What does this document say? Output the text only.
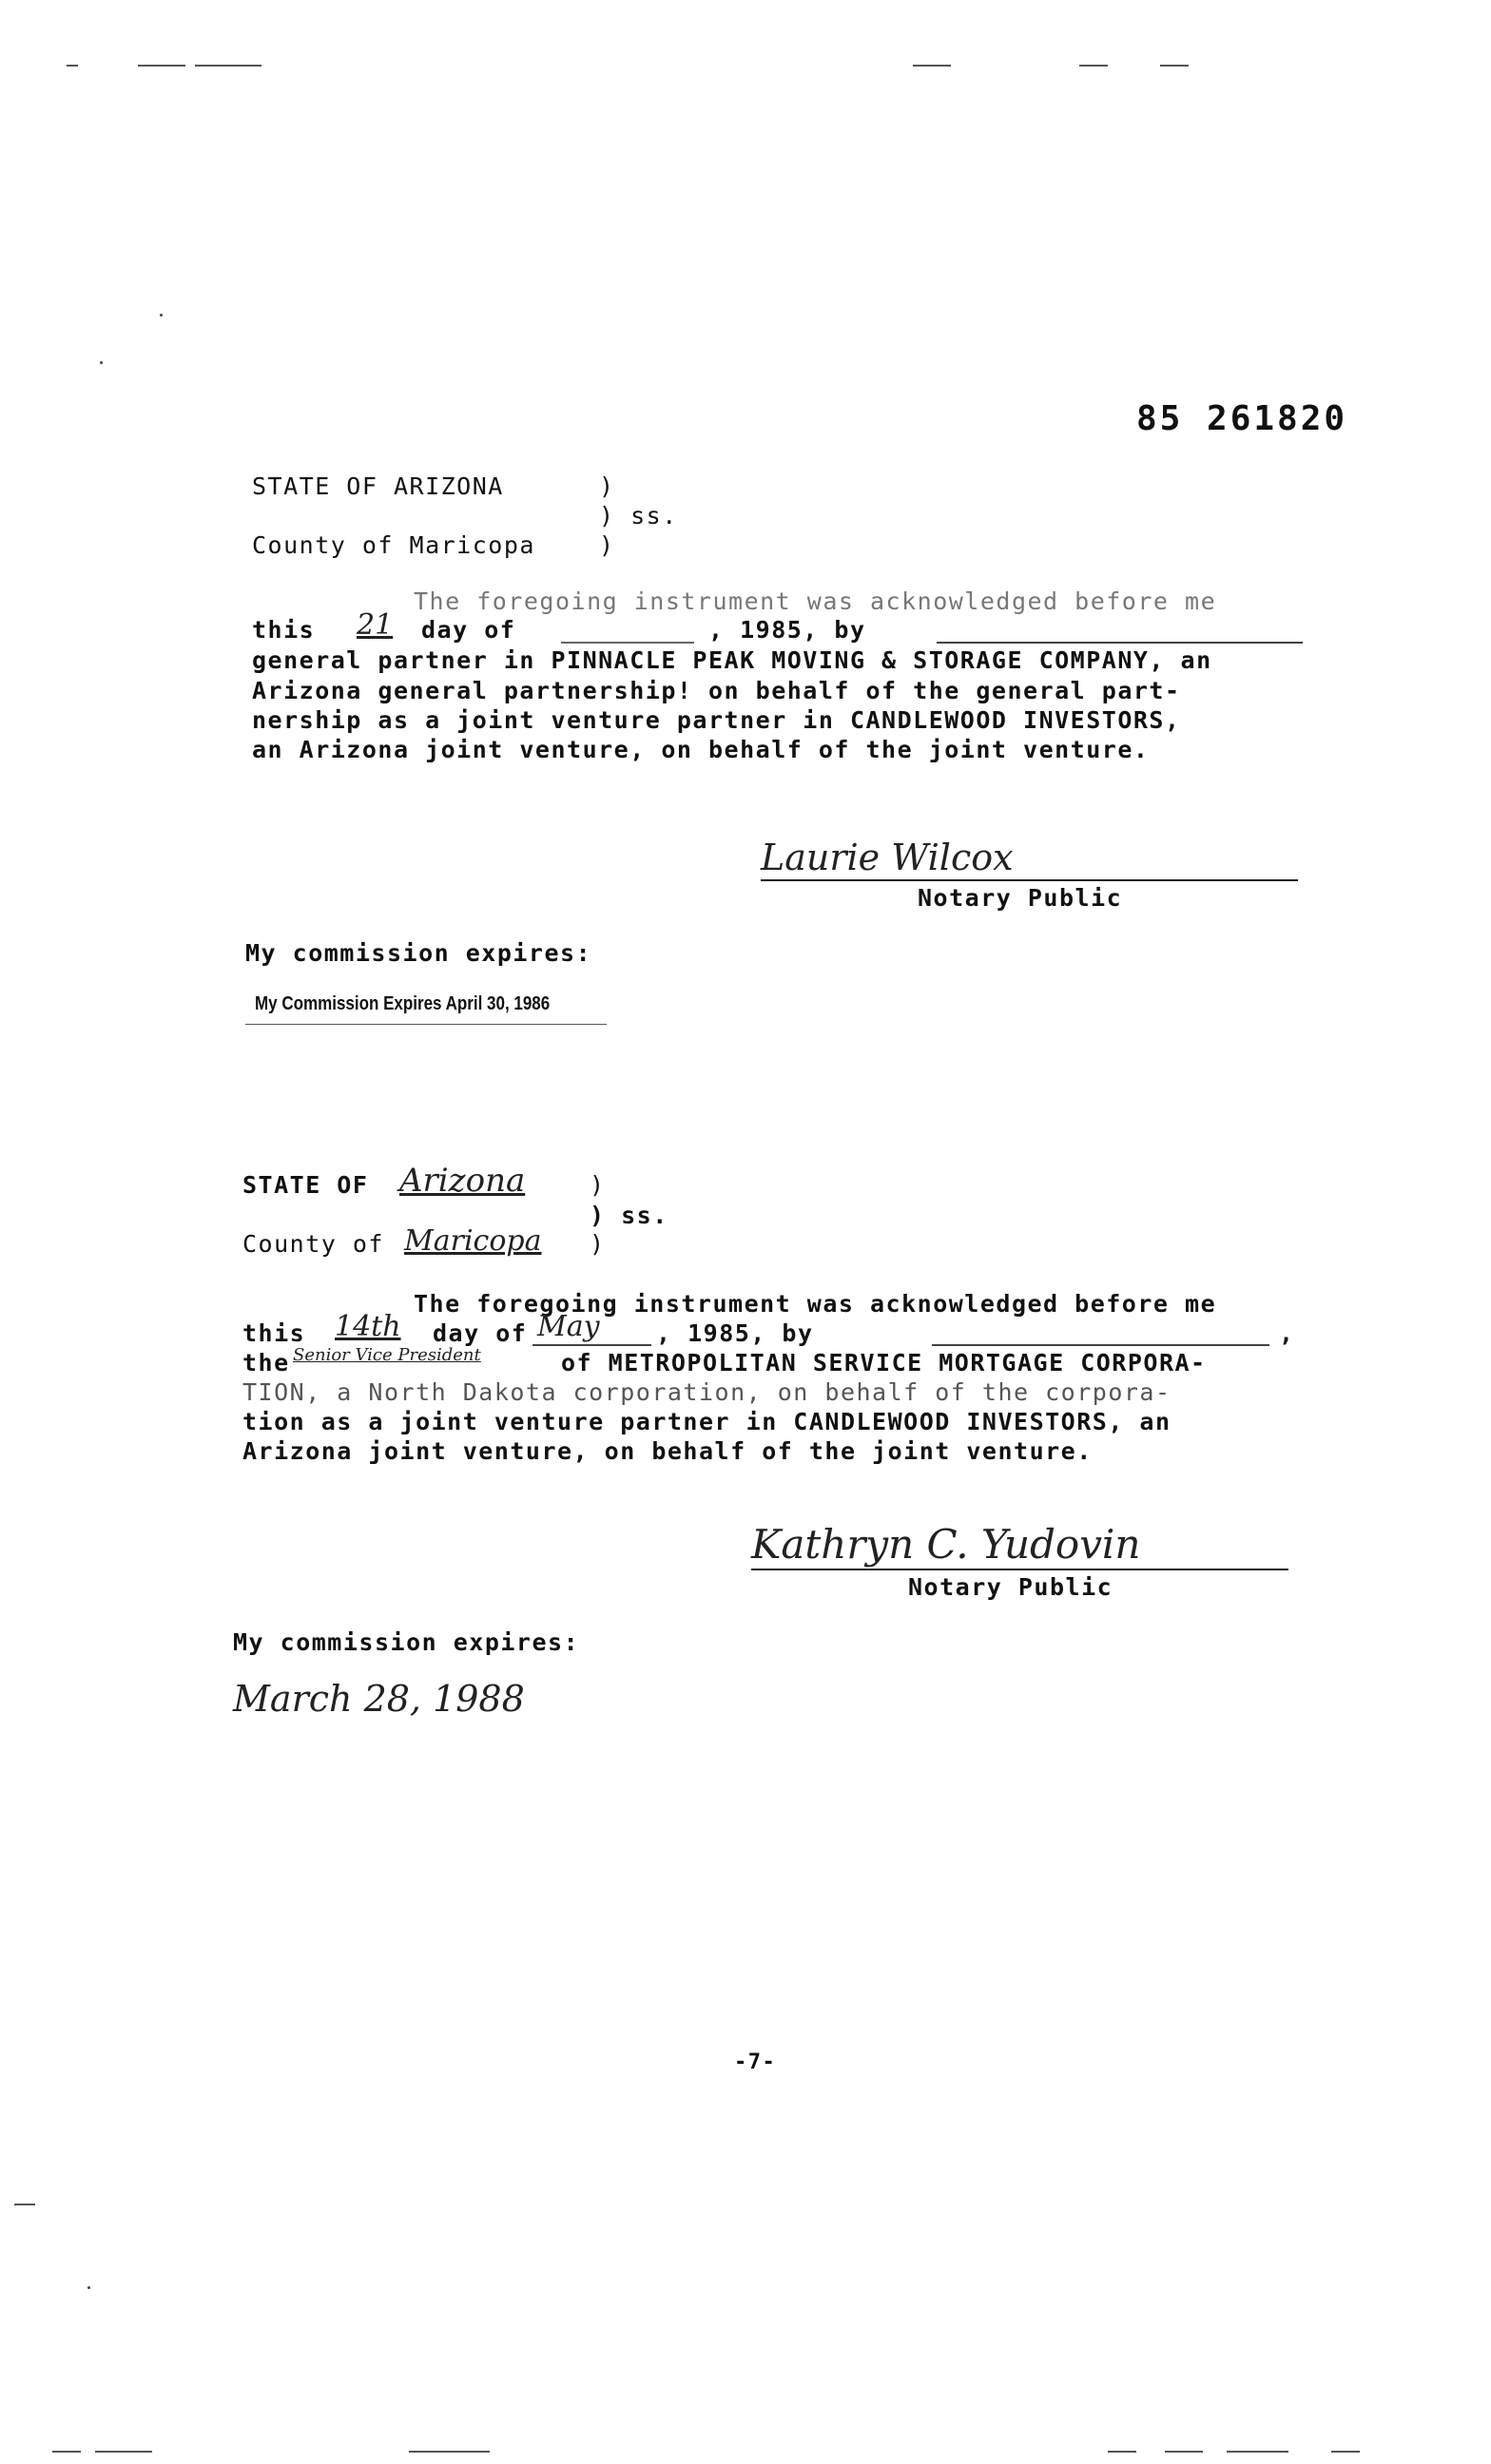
85 261820
STATE OF ARIZONA	)
) ss.
County of Maricopa	)
The foregoing instrument was acknowledged before me
this 21	day of	, 1985, by
general partner in PINNACLE PEAK MOVING & STORAGE COMPANY, an
Arizona general partnership! on behalf of the general part-
nership as a joint venture partner in CANDLEWOOD INVESTORS,
an Arizona joint venture, on behalf of the joint venture.
Laurie Wilcox
Notary Public
My commission expires:
My Commission Expires April 30, 1986
STATE OF Arizona	)
) ss.
County of Maricopa )
The foregoing instrument was acknowledged before me
this 14th day of May , 1985, by	,
the Senior Vice President	of METROPOLITAN SERVICE MORTGAGE CORPORA-
TION, a North Dakota corporation, on behalf of the corpora-
tion as a joint venture partner in CANDLEWOOD INVESTORS, an
Arizona joint venture, on behalf of the joint venture.
Kathryn C. Yudovin
Notary Public
My commission expires:
March 28, 1988
-7-
